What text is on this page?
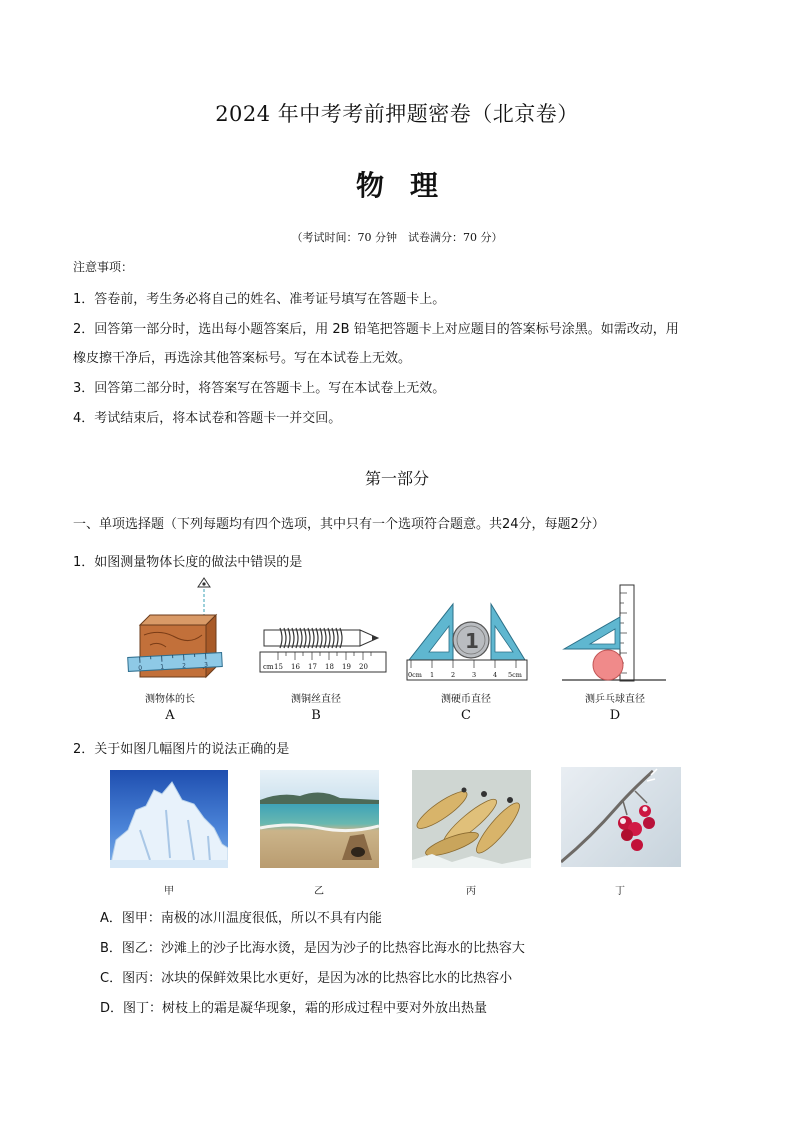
2024 年中考考前押题密卷（北京卷）
物理
（考试时间：70 分钟　试卷满分：70 分）
注意事项：
1．答卷前，考生务必将自己的姓名、准考证号填写在答题卡上。
2．回答第一部分时，选出每小题答案后，用 2B 铅笔把答题卡上对应题目的答案标号涂黑。如需改动，用
橡皮擦干净后，再选涂其他答案标号。写在本试卷上无效。
3．回答第二部分时，将答案写在答题卡上。写在本试卷上无效。
4．考试结束后，将本试卷和答题卡一并交回。
第一部分
一、单项选择题（下列每题均有四个选项，其中只有一个选项符合题意。共24分，每题2分）
1．如图测量物体长度的做法中错误的是
0	1	2	3
测物体的长
A
cm 15 16 17 18 19 20
测铜丝直径
B
1
0cm 1	2	3	4 5cm
测硬币直径
C
测乒乓球直径
D
2．关于如图几幅图片的说法正确的是
甲	乙	丙	丁
A．图甲：南极的冰川温度很低，所以不具有内能
B．图乙：沙滩上的沙子比海水烫，是因为沙子的比热容比海水的比热容大
C．图丙：冰块的保鲜效果比水更好，是因为冰的比热容比水的比热容小
D．图丁：树枝上的霜是凝华现象，霜的形成过程中要对外放出热量
